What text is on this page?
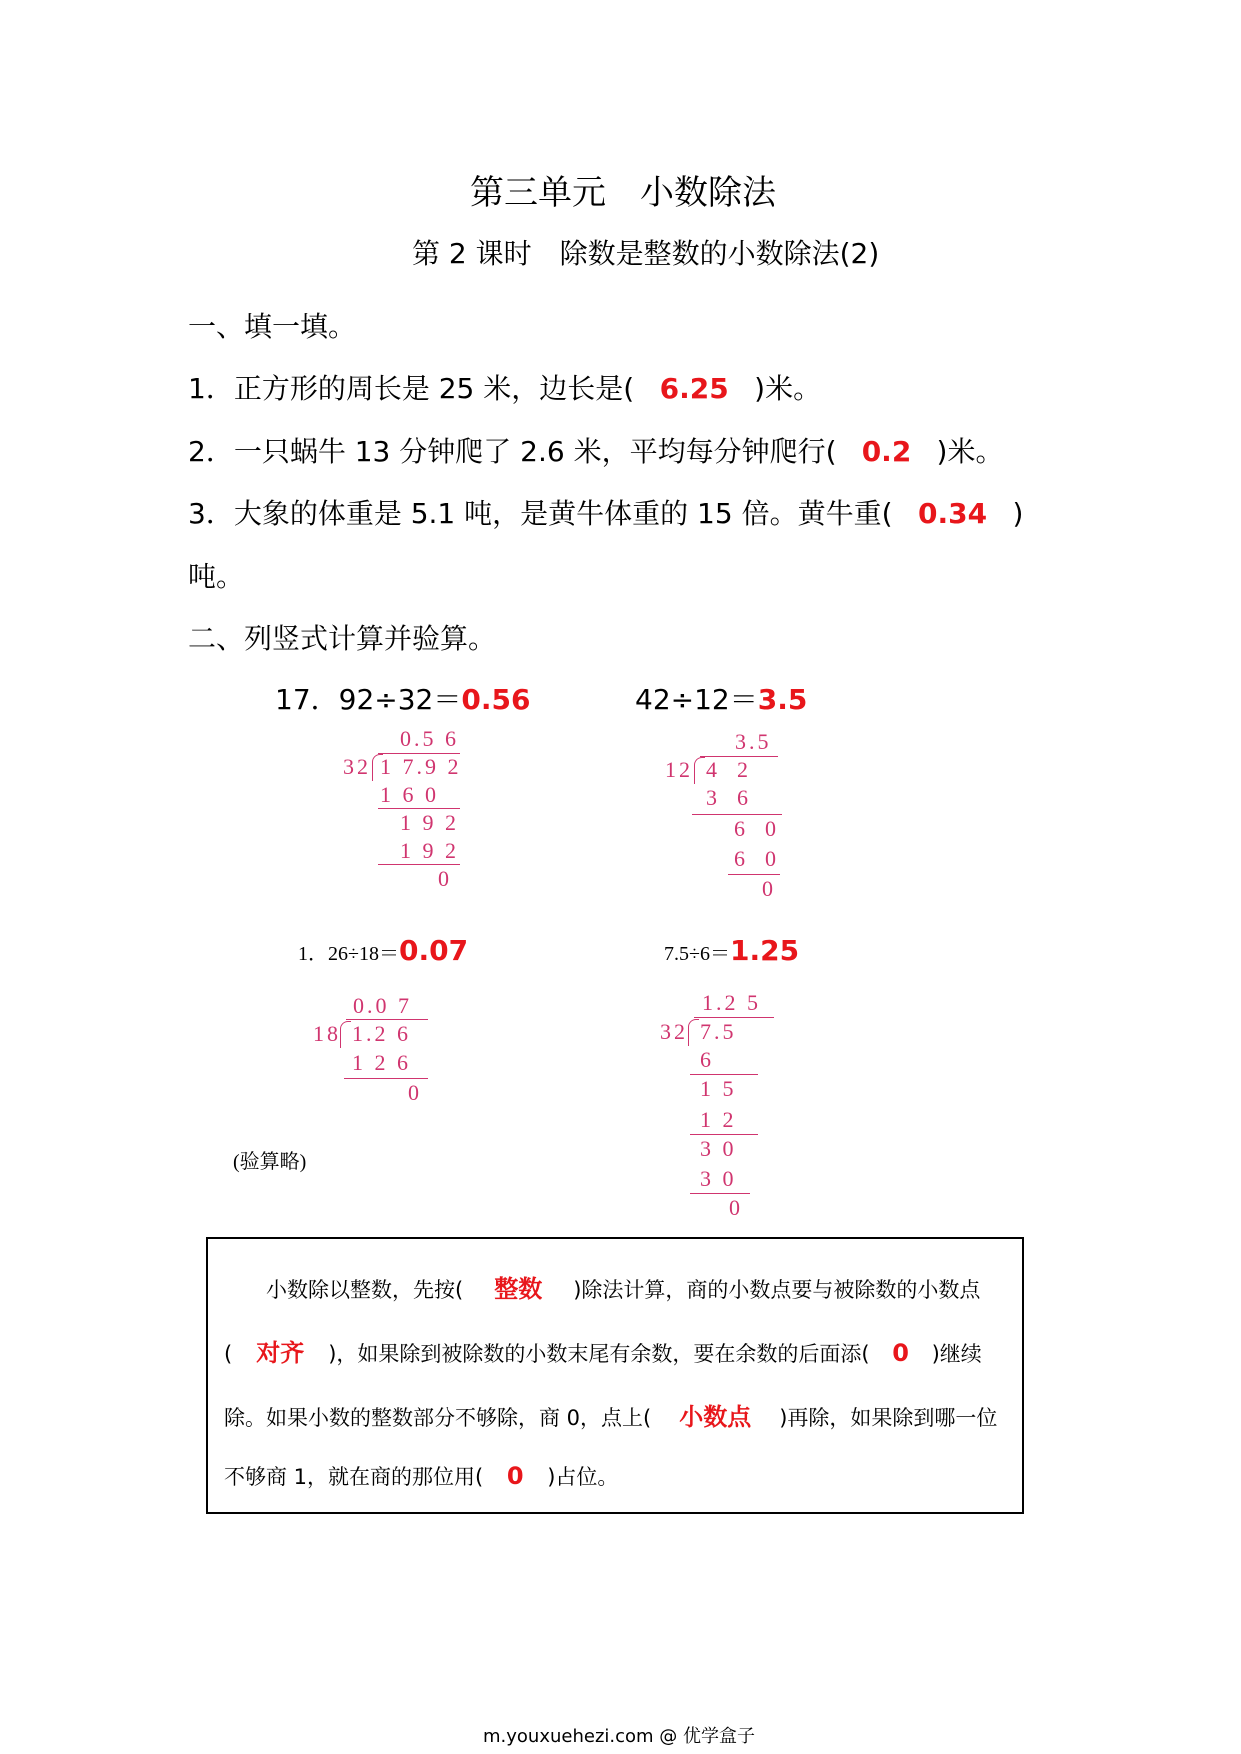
第三单元　小数除法
第 2 课时　除数是整数的小数除法(2)
一、填一填。
1．正方形的周长是 25 米，边长是( 6.25 )米。
2．一只蜗牛 13 分钟爬了 2.6 米，平均每分钟爬行( 0.2 )米。
3．大象的体重是 5.1 吨，是黄牛体重的 15 倍。黄牛重( 0.34 )
吨。
二、列竖式计算并验算。
17．92÷32＝0.56
0.5 6
32 1 7.9 2
1 6 0
1 9 2
1 9 2
0
42÷12＝3.5
3.5
12 4  2
3  6
6  0
6  0
0
1．26÷18＝0.07
0.0 7
18 1.2 6
1 2 6
0
7.5÷6＝1.25
1.2 5
32 7.5
6
1 5
1 2
3 0
3 0
0
(验算略)
小数除以整数，先按( 整数 )除法计算，商的小数点要与被除数的小数点
( 对齐 )，如果除到被除数的小数末尾有余数，要在余数的后面添( 0 )继续
除。如果小数的整数部分不够除，商 0，点上( 小数点 )再除，如果除到哪一位
不够商 1，就在商的那位用( 0 )占位。
m.youxuehezi.com @ 优学盒子
